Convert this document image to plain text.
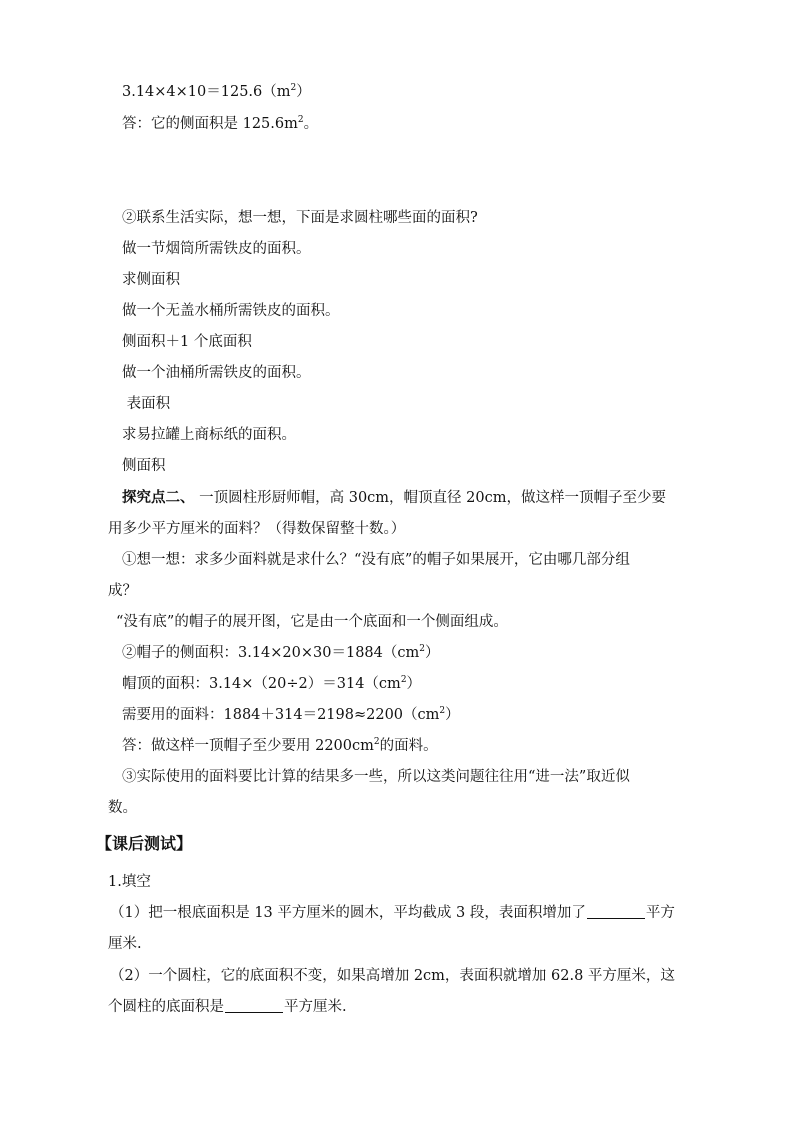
$3.14\times 4\times 10=125.6(m^2)$
答：它的侧面积是 $125.6m^2$。
②联系生活实际，想一想，下面是求圆柱哪些面的面积?
做一节烟筒所需铁皮的面积。
求侧面积
做一个无盖水桶所需铁皮的面积。
侧面积＋1 个底面积
做一个油桶所需铁皮的面积。
表面积
求易拉罐上商标纸的面积。
侧面积
探究点二、 一顶圆柱形厨师帽，高 30cm，帽顶直径 20cm，做这样一顶帽子至少要
用多少平方厘米的面料？（得数保留整十数。）
①想一想：求多少面料就是求什么？“没有底”的帽子如果展开，它由哪几部分组
成？
“没有底”的帽子的展开图，它是由一个底面和一个侧面组成。
②帽子的侧面积：$3.14\times 20\times 30=1884(cm^2)$
帽顶的面积：$3.14\times(20\div 2)=314(cm^2)$
需要用的面料：$1884+314=2198\approx 2200(cm^2)$
答：做这样一顶帽子至少要用 $2200cm^2$的面料。
③实际使用的面料要比计算的结果多一些，所以这类问题往往用“进一法”取近似
数。
【课后测试】
1.填空
（1）把一根底面积是 13 平方厘米的圆木，平均截成 3 段，表面积增加了	平方
厘米.
（2）一个圆柱，它的底面积不变，如果高增加 2cm，表面积就增加 62.8 平方厘米，这
个圆柱的底面积是	平方厘米.
